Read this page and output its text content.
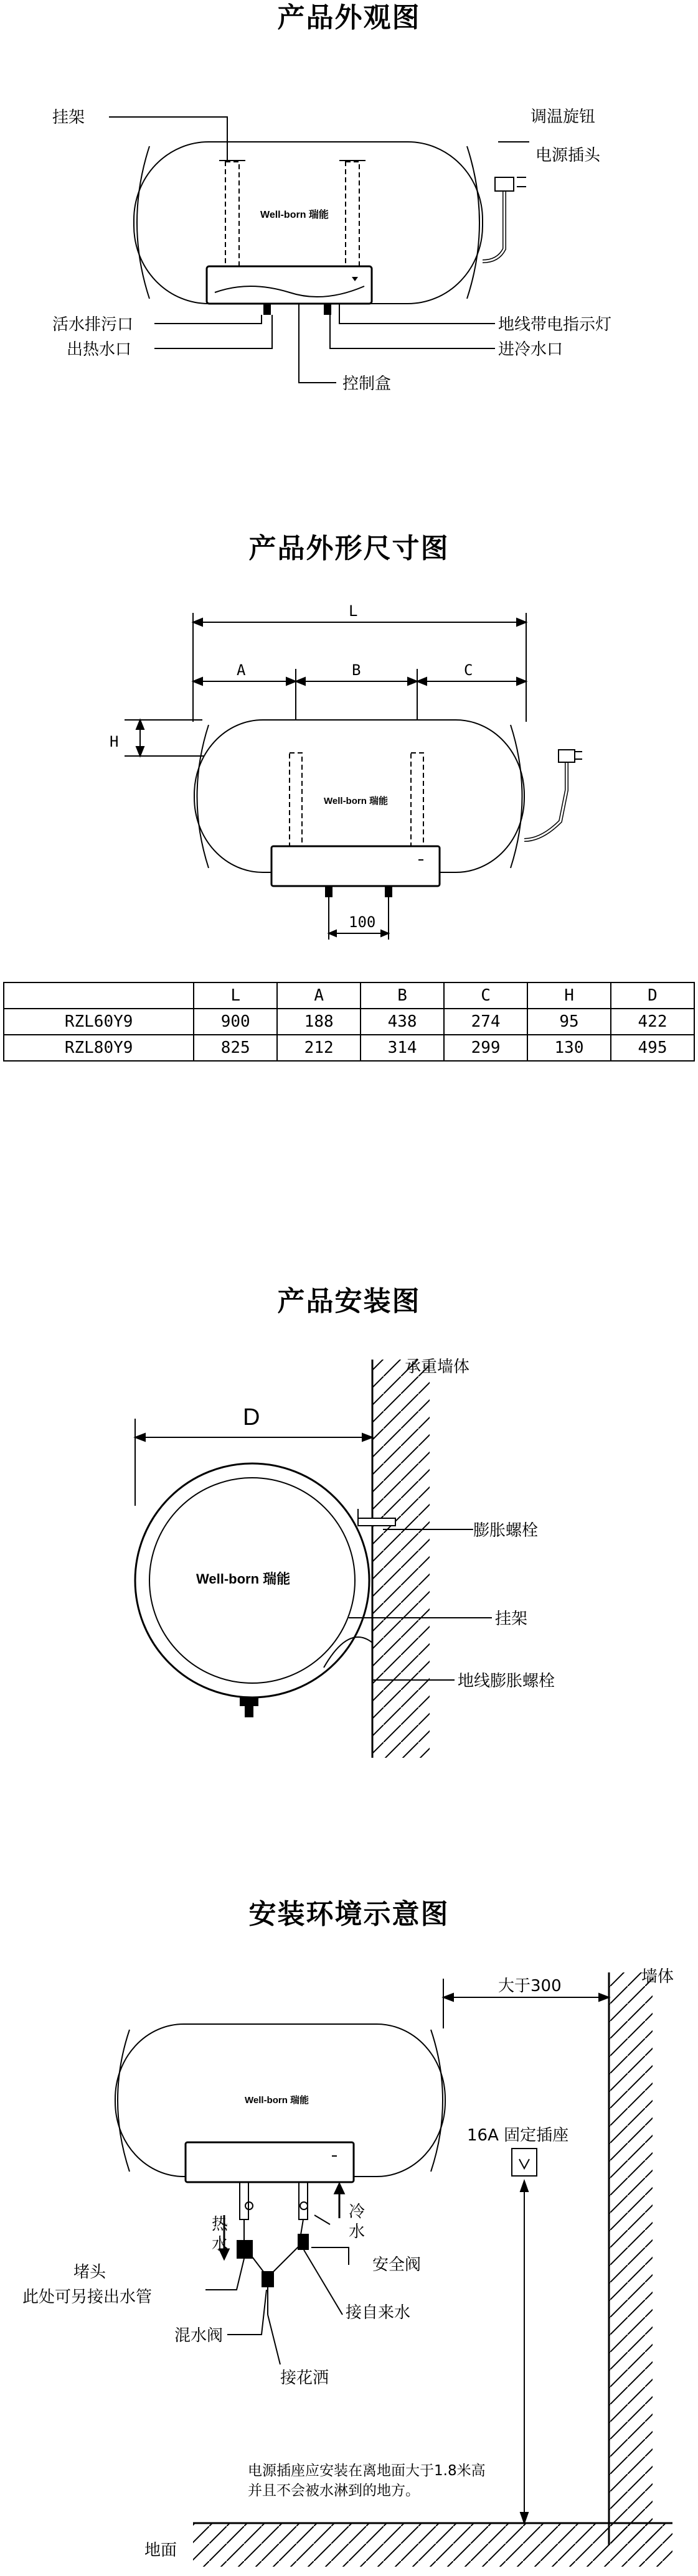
产品外观图
Well-born 瑞能
挂架	调温旋钮
电源插头
活水排污口
出热水口
地线带电指示灯
进冷水口
控制盒
产品外形尺寸图
L
A	B	C
H
Well-born 瑞能
100
	L	A	B	C	H	D
RZL60Y9	900	188	438	274	95	422
RZL80Y9	825	212	314	299	130	495
产品安装图
D
Well-born 瑞能
承重墙体
膨胀螺栓
挂架
地线膨胀螺栓
安装环境示意图
大于300	墙体
Well-born 瑞能
16A 固定插座
热
水
冷
水
安全阀
堵头
此处可另接出水管
混水阀
接自来水
接花洒
电源插座应安装在离地面大于1.8米高
并且不会被水淋到的地方。
地面
